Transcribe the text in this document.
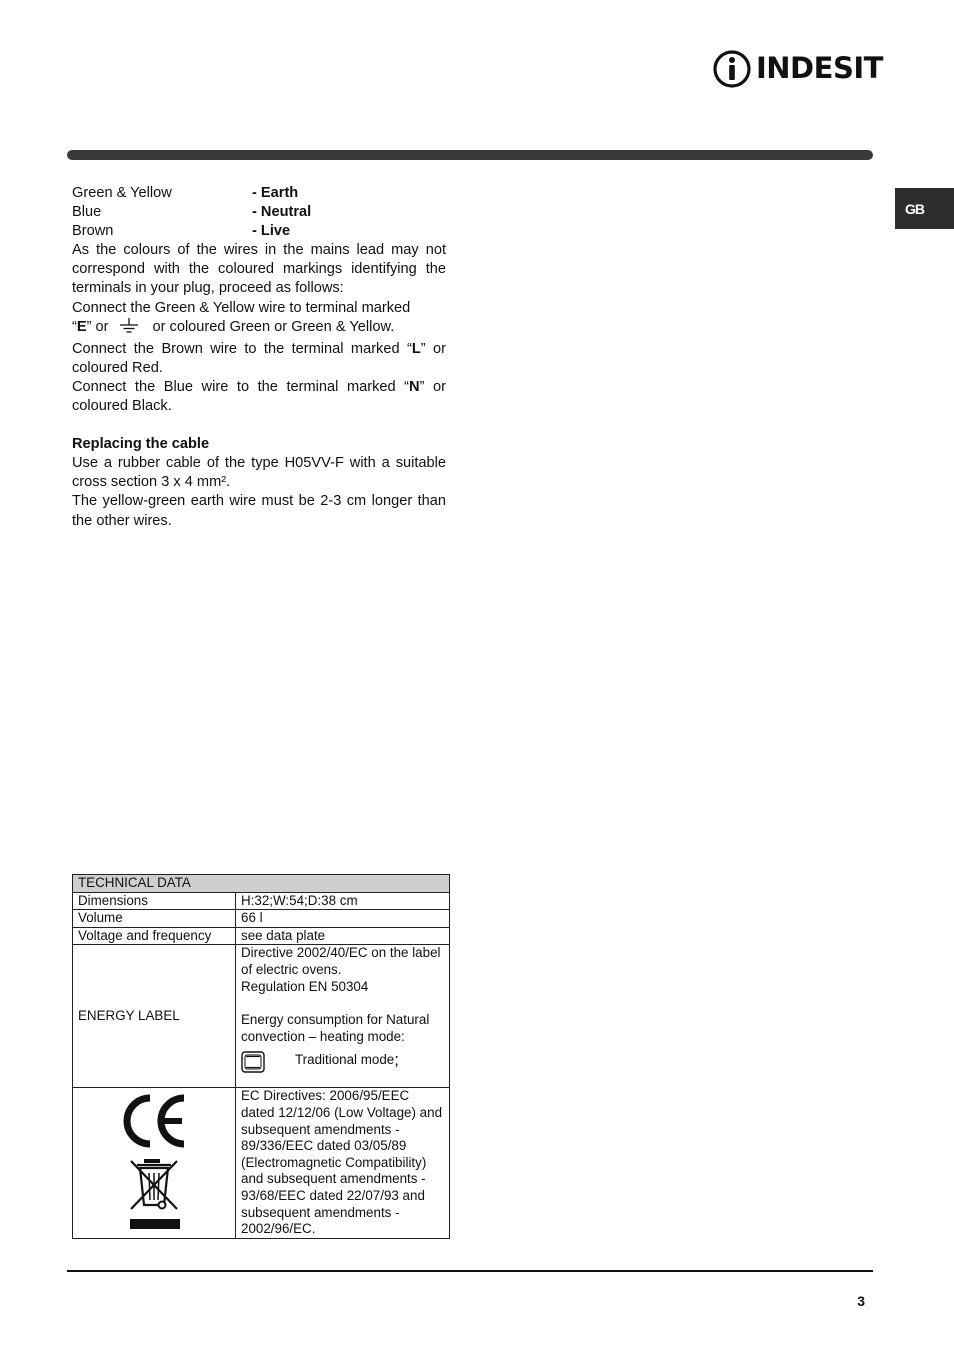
INDESIT
GB
Green & Yellow	- Earth
Blue	- Neutral
Brown	- Live
As the colours of the wires in the mains lead may not correspond with the coloured markings identifying the terminals in your plug, proceed as follows:
Connect the Green & Yellow wire to terminal marked
“E” or	or coloured Green or Green & Yellow.
Connect the Brown wire to the terminal marked “L” or coloured Red.
Connect the Blue wire to the terminal marked “N” or coloured Black.
Replacing the cable
Use a rubber cable of the type H05VV-F with a suitable cross section 3 x 4 mm².
The yellow-green earth wire must be 2-3 cm longer than the other wires.
TECHNICAL DATA	
Dimensions	H:32;W:54;D:38 cm
Volume	66 l
Voltage and frequency	see data plate
ENERGY LABEL	Directive 2002/40/EC on the label of electric ovens.
Regulation EN 50304
Energy consumption for Natural convection – heating mode:
Traditional mode ;

	EC Directives: 2006/95/EEC dated 12/12/06 (Low Voltage) and subsequent amendments - 89/336/EEC dated 03/05/89 (Electromagnetic Compatibility) and subsequent amendments - 93/68/EEC dated 22/07/93 and subsequent amendments - 2002/96/EC.
3
